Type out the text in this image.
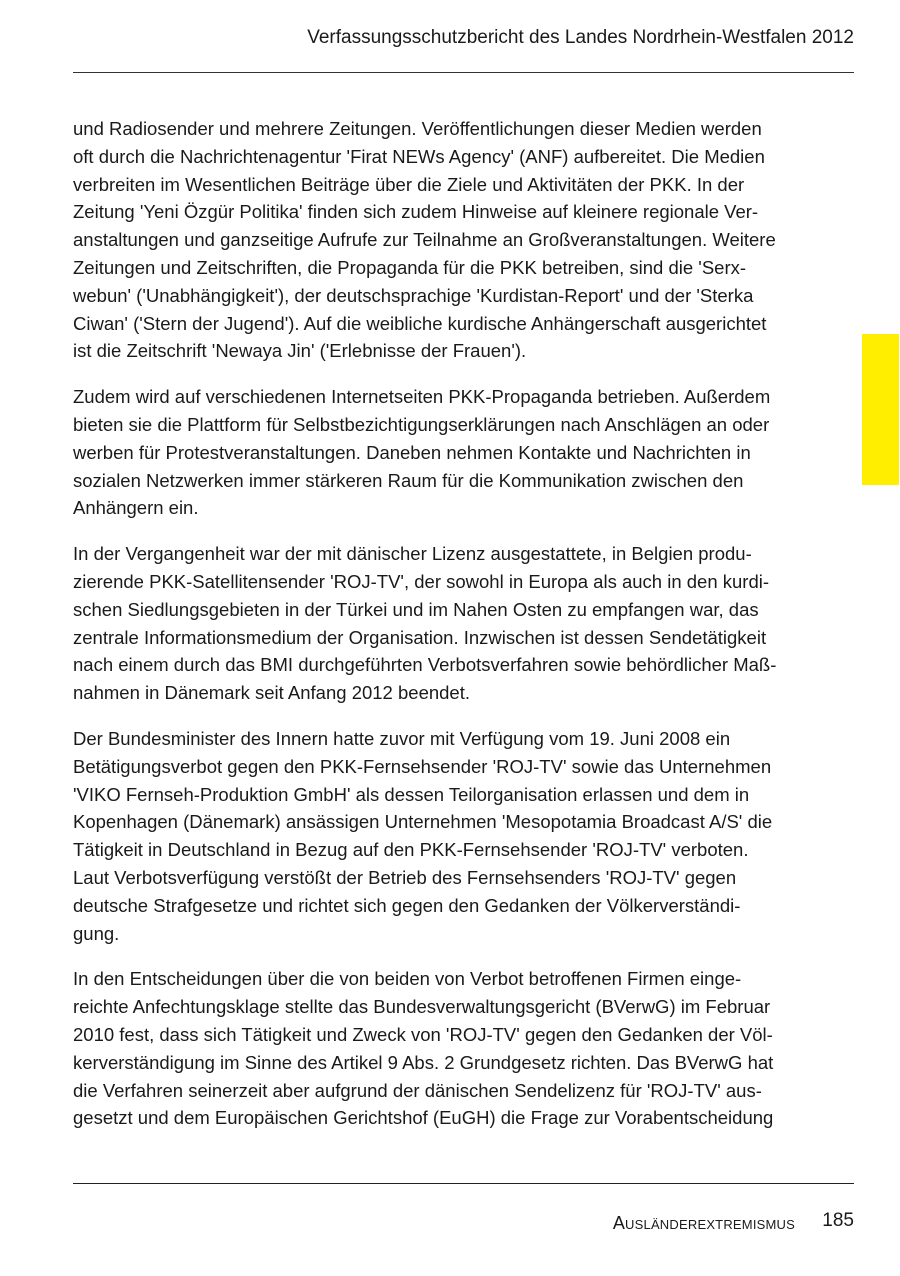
Verfassungsschutzbericht des Landes Nordrhein-Westfalen 2012

und Radiosender und mehrere Zeitungen. Veröffentlichungen dieser Medien werden
oft durch die Nachrichtenagentur 'Firat NEWs Agency' (ANF) aufbereitet. Die Medien
verbreiten im Wesentlichen Beiträge über die Ziele und Aktivitäten der PKK. In der
Zeitung 'Yeni Özgür Politika' finden sich zudem Hinweise auf kleinere regionale Ver-
anstaltungen und ganzseitige Aufrufe zur Teilnahme an Großveranstaltungen. Weitere
Zeitungen und Zeitschriften, die Propaganda für die PKK betreiben, sind die 'Serx-
webun' ('Unabhängigkeit'), der deutschsprachige 'Kurdistan-Report' und der 'Sterka
Ciwan' ('Stern der Jugend'). Auf die weibliche kurdische Anhängerschaft ausgerichtet
ist die Zeitschrift 'Newaya Jin' ('Erlebnisse der Frauen').

Zudem wird auf verschiedenen Internetseiten PKK-Propaganda betrieben. Außerdem
bieten sie die Plattform für Selbstbezichtigungserklärungen nach Anschlägen an oder
werben für Protestveranstaltungen. Daneben nehmen Kontakte und Nachrichten in
sozialen Netzwerken immer stärkeren Raum für die Kommunikation zwischen den
Anhängern ein.

In der Vergangenheit war der mit dänischer Lizenz ausgestattete, in Belgien produ-
zierende PKK-Satellitensender 'ROJ-TV', der sowohl in Europa als auch in den kurdi-
schen Siedlungsgebieten in der Türkei und im Nahen Osten zu empfangen war, das
zentrale Informationsmedium der Organisation. Inzwischen ist dessen Sendetätigkeit
nach einem durch das BMI durchgeführten Verbotsverfahren sowie behördlicher Maß-
nahmen in Dänemark seit Anfang 2012 beendet.

Der Bundesminister des Innern hatte zuvor mit Verfügung vom 19. Juni 2008 ein
Betätigungsverbot gegen den PKK-Fernsehsender 'ROJ-TV' sowie das Unternehmen
'VIKO Fernseh-Produktion GmbH' als dessen Teilorganisation erlassen und dem in
Kopenhagen (Dänemark) ansässigen Unternehmen 'Mesopotamia Broadcast A/S' die
Tätigkeit in Deutschland in Bezug auf den PKK-Fernsehsender 'ROJ-TV' verboten.
Laut Verbotsverfügung verstößt der Betrieb des Fernsehsenders 'ROJ-TV' gegen
deutsche Strafgesetze und richtet sich gegen den Gedanken der Völkerverständi-
gung.

In den Entscheidungen über die von beiden von Verbot betroffenen Firmen einge-
reichte Anfechtungsklage stellte das Bundesverwaltungsgericht (BVerwG) im Februar
2010 fest, dass sich Tätigkeit und Zweck von 'ROJ-TV' gegen den Gedanken der Völ-
kerverständigung im Sinne des Artikel 9 Abs. 2 Grundgesetz richten. Das BVerwG hat
die Verfahren seinerzeit aber aufgrund der dänischen Sendelizenz für 'ROJ-TV' aus-
gesetzt und dem Europäischen Gerichtshof (EuGH) die Frage zur Vorabentscheidung

Ausländerextremismus 185
